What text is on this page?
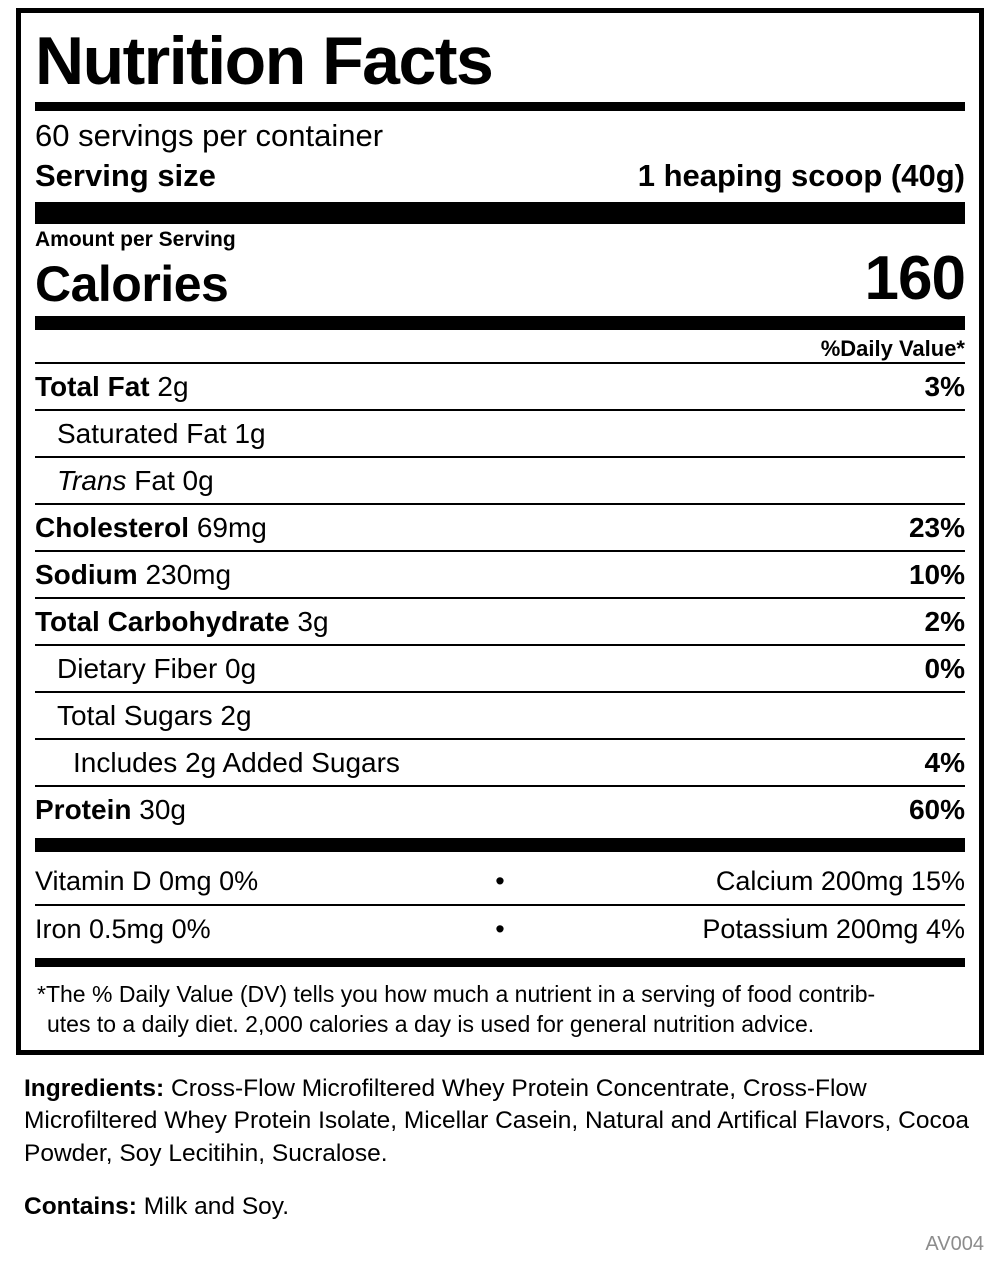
Nutrition Facts
60 servings per container
Serving size	1 heaping scoop (40g)
Amount per Serving
Calories	160
%Daily Value*
Total Fat 2g	3%
Saturated Fat 1g
Trans Fat 0g
Cholesterol 69mg	23%
Sodium 230mg	10%
Total Carbohydrate 3g	2%
Dietary Fiber 0g	0%
Total Sugars 2g
Includes 2g Added Sugars	4%
Protein 30g	60%
Vitamin D 0mg 0%	•	Calcium 200mg 15%
Iron 0.5mg 0%	•	Potassium 200mg 4%
*The % Daily Value (DV) tells you how much a nutrient in a serving of food contrib-
utes to a daily diet. 2,000 calories a day is used for general nutrition advice.
Ingredients: Cross-Flow Microfiltered Whey Protein Concentrate, Cross-Flow Microfiltered Whey Protein Isolate, Micellar Casein, Natural and Artifical Flavors, Cocoa Powder, Soy Lecitihin, Sucralose.
Contains: Milk and Soy.
AV004
